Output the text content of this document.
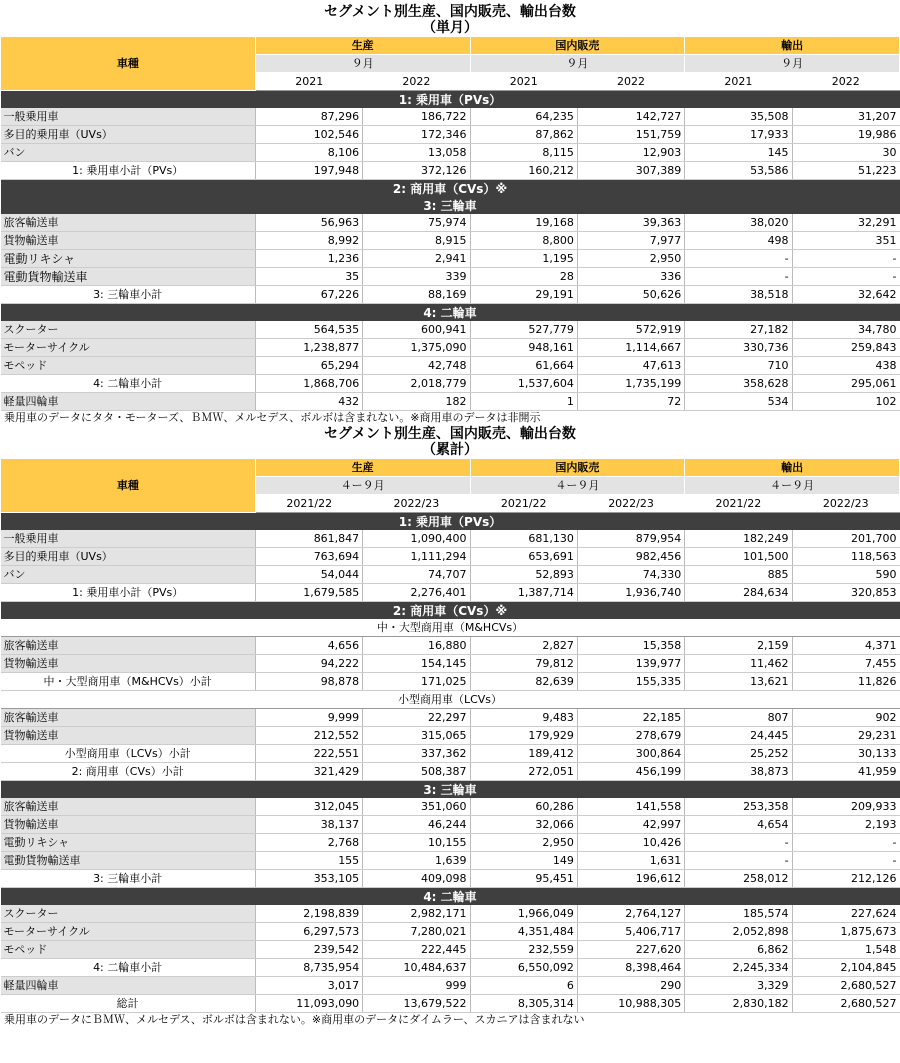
セグメント別生産、国内販売、輸出台数
（単月）
車種	生産		国内販売		輸出	
	９月		９月		９月	
	2021	2022	2021	2022	2021	2022
1: 乗用車（PVs）						
一般乗用車	87,296	186,722	64,235	142,727	35,508	31,207
多目的乗用車（UVs）	102,546	172,346	87,862	151,759	17,933	19,986
バン	8,106	13,058	8,115	12,903	145	30
1: 乗用車小計（PVs）	197,948	372,126	160,212	307,389	53,586	51,223
2: 商用車（CVs）※						
3: 三輪車						
旅客輸送車	56,963	75,974	19,168	39,363	38,020	32,291
貨物輸送車	8,992	8,915	8,800	7,977	498	351
電動リキシャ	1,236	2,941	1,195	2,950	-	-
電動貨物輸送車	35	339	28	336	-	-
3: 三輪車小計	67,226	88,169	29,191	50,626	38,518	32,642
4: 二輪車						
スクーター	564,535	600,941	527,779	572,919	27,182	34,780
モーターサイクル	1,238,877	1,375,090	948,161	1,114,667	330,736	259,843
モペッド	65,294	42,748	61,664	47,613	710	438
4: 二輪車小計	1,868,706	2,018,779	1,537,604	1,735,199	358,628	295,061
軽量四輪車	432	182	1	72	534	102
乗用車のデータにタタ・モーターズ、ＢＭＷ、メルセデス、ボルボは含まれない。※商用車のデータは非開示
セグメント別生産、国内販売、輸出台数
（累計）
車種	生産		国内販売		輸出	
	４ー９月		４ー９月		４ー９月	
	2021/22	2022/23	2021/22	2022/23	2021/22	2022/23
1: 乗用車（PVs）						
一般乗用車	861,847	1,090,400	681,130	879,954	182,249	201,700
多目的乗用車（UVs）	763,694	1,111,294	653,691	982,456	101,500	118,563
バン	54,044	74,707	52,893	74,330	885	590
1: 乗用車小計（PVs）	1,679,585	2,276,401	1,387,714	1,936,740	284,634	320,853
2: 商用車（CVs）※						
中・大型商用車（M&HCVs）						
旅客輸送車	4,656	16,880	2,827	15,358	2,159	4,371
貨物輸送車	94,222	154,145	79,812	139,977	11,462	7,455
中・大型商用車（M&HCVs）小計	98,878	171,025	82,639	155,335	13,621	11,826
小型商用車（LCVs）						
旅客輸送車	9,999	22,297	9,483	22,185	807	902
貨物輸送車	212,552	315,065	179,929	278,679	24,445	29,231
小型商用車（LCVs）小計	222,551	337,362	189,412	300,864	25,252	30,133
2: 商用車（CVs）小計	321,429	508,387	272,051	456,199	38,873	41,959
3: 三輪車						
旅客輸送車	312,045	351,060	60,286	141,558	253,358	209,933
貨物輸送車	38,137	46,244	32,066	42,997	4,654	2,193
電動リキシャ	2,768	10,155	2,950	10,426	-	-
電動貨物輸送車	155	1,639	149	1,631	-	-
3: 三輪車小計	353,105	409,098	95,451	196,612	258,012	212,126
4: 二輪車						
スクーター	2,198,839	2,982,171	1,966,049	2,764,127	185,574	227,624
モーターサイクル	6,297,573	7,280,021	4,351,484	5,406,717	2,052,898	1,875,673
モペッド	239,542	222,445	232,559	227,620	6,862	1,548
4: 二輪車小計	8,735,954	10,484,637	6,550,092	8,398,464	2,245,334	2,104,845
軽量四輪車	3,017	999	6	290	3,329	2,680,527
総計	11,093,090	13,679,522	8,305,314	10,988,305	2,830,182	2,680,527
乗用車のデータにＢＭＷ、メルセデス、ボルボは含まれない。※商用車のデータにダイムラー、スカニアは含まれない
